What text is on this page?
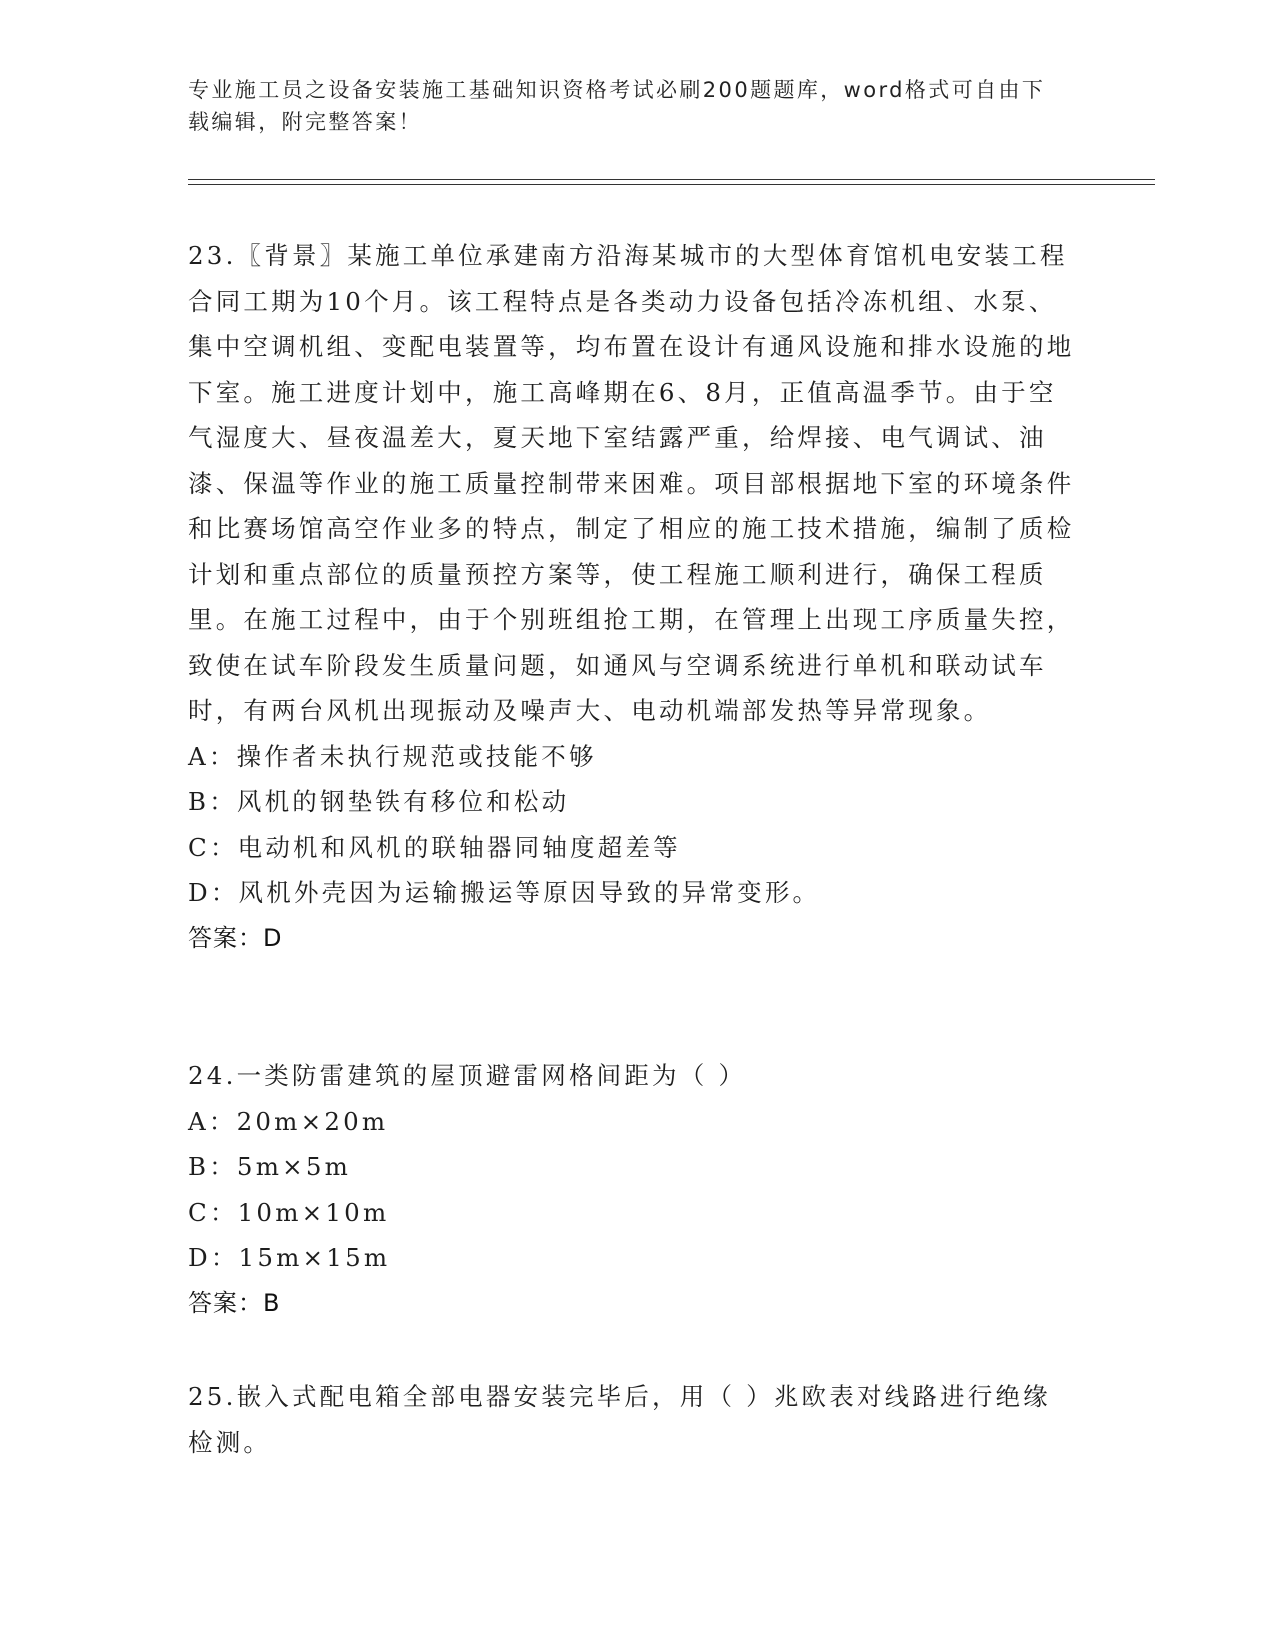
专业施工员之设备安装施工基础知识资格考试必刷200题题库，word格式可自由下载编辑，附完整答案！

23.〖背景〗某施工单位承建南方沿海某城市的大型体育馆机电安装工程合同工期为10个月。该工程特点是各类动力设备包括冷冻机组、水泵、集中空调机组、变配电装置等，均布置在设计有通风设施和排水设施的地下室。施工进度计划中，施工高峰期在6、8月，正值高温季节。由于空气湿度大、昼夜温差大，夏天地下室结露严重，给焊接、电气调试、油漆、保温等作业的施工质量控制带来困难。项目部根据地下室的环境条件和比赛场馆高空作业多的特点，制定了相应的施工技术措施，编制了质检计划和重点部位的质量预控方案等，使工程施工顺利进行，确保工程质里。在施工过程中，由于个别班组抢工期，在管理上出现工序质量失控，致使在试车阶段发生质量问题，如通风与空调系统进行单机和联动试车时，有两台风机出现振动及噪声大、电动机端部发热等异常现象。

A：操作者未执行规范或技能不够

B：风机的钢垫铁有移位和松动

C：电动机和风机的联轴器同轴度超差等

D：风机外壳因为运输搬运等原因导致的异常变形。

答案：D

24.一类防雷建筑的屋顶避雷网格间距为（ ）

A：20m×20m

B：5m×5m

C：10m×10m

D：15m×15m

答案：B

25.嵌入式配电箱全部电器安装完毕后，用（ ）兆欧表对线路进行绝缘检测。
